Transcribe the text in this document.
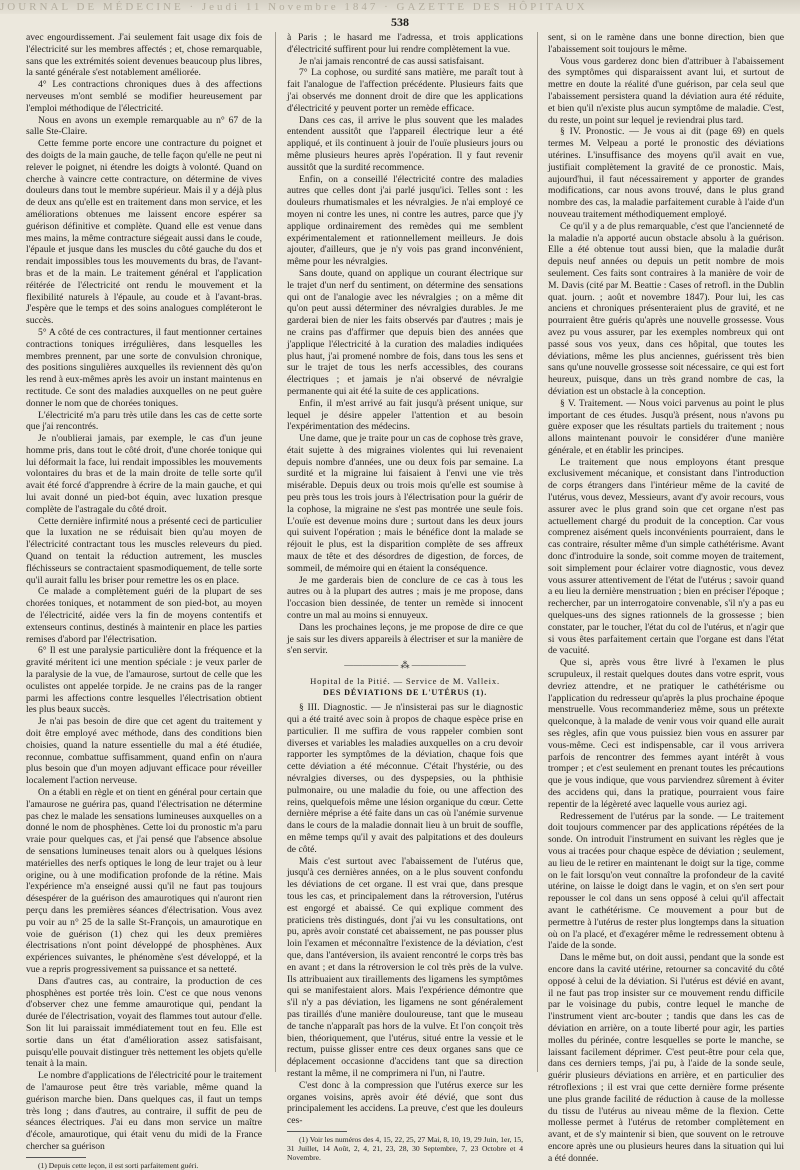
JOURNAL DE MÉDECINE · Jeudi 11 Novembre 1847 · GAZETTE DES HÔPITAUX
538

avec engourdissement. J'ai seulement fait usage dix fois de l'électricité sur les membres affectés ; et, chose remarquable, sans que les extrémités soient devenues beaucoup plus libres, la santé générale s'est notablement améliorée.

4° Les contractions chroniques dues à des affections nerveuses m'ont semblé se modifier heureusement par l'emploi méthodique de l'électricité.

Nous en avons un exemple remarquable au n° 67 de la salle Ste-Claire.

Cette femme porte encore une contracture du poignet et des doigts de la main gauche, de telle façon qu'elle ne peut ni relever le poignet, ni étendre les doigts à volonté. Quand on cherche à vaincre cette contracture, on détermine de vives douleurs dans tout le membre supérieur. Mais il y a déjà plus de deux ans qu'elle est en traitement dans mon service, et les améliorations obtenues me laissent encore espérer sa guérison définitive et complète. Quand elle est venue dans mes mains, la même contracture siégeait aussi dans le coude, l'épaule et jusque dans les muscles du côté gauche du dos et rendait impossibles tous les mouvements du bras, de l'avant-bras et de la main. Le traitement général et l'application réitérée de l'électricité ont rendu le mouvement et la flexibilité naturels à l'épaule, au coude et à l'avant-bras. J'espère que le temps et des soins analogues compléteront le succès.

5° A côté de ces contractures, il faut mentionner certaines contractions toniques irrégulières, dans lesquelles les membres prennent, par une sorte de convulsion chronique, des positions singulières auxquelles ils reviennent dès qu'on les rend à eux-mêmes après les avoir un instant maintenus en rectitude. Ce sont des maladies auxquelles on ne peut guère donner le nom que de chorées toniques.

L'électricité m'a paru très utile dans les cas de cette sorte que j'ai rencontrés.

Je n'oublierai jamais, par exemple, le cas d'un jeune homme pris, dans tout le côté droit, d'une chorée tonique qui lui déformait la face, lui rendait impossibles les mouvements volontaires du bras et de la main droite de telle sorte qu'il avait été forcé d'apprendre à écrire de la main gauche, et qui lui avait donné un pied-bot équin, avec luxation presque complète de l'astragale du côté droit.

Cette dernière infirmité nous a présenté ceci de particulier que la luxation ne se réduisait bien qu'au moyen de l'électricité contractant tous les muscles releveurs du pied. Quand on tentait la réduction autrement, les muscles fléchisseurs se contractaient spasmodiquement, de telle sorte qu'il aurait fallu les briser pour remettre les os en place.

Ce malade a complètement guéri de la plupart de ses chorées toniques, et notamment de son pied-bot, au moyen de l'électricité, aidée vers la fin de moyens contentifs et extenseurs continus, destinés à maintenir en place les parties remises d'abord par l'électrisation.

6° Il est une paralysie particulière dont la fréquence et la gravité méritent ici une mention spéciale : je veux parler de la paralysie de la vue, de l'amaurose, surtout de celle que les oculistes ont appelée torpide. Je ne crains pas de la ranger parmi les affections contre lesquelles l'électrisation obtient les plus beaux succès.

Je n'ai pas besoin de dire que cet agent du traitement y doit être employé avec méthode, dans des conditions bien choisies, quand la nature essentielle du mal a été étudiée, reconnue, combattue suffisamment, quand enfin on n'aura plus besoin que d'un moyen adjuvant efficace pour réveiller localement l'action nerveuse.

On a établi en règle et on tient en général pour certain que l'amaurose ne guérira pas, quand l'électrisation ne détermine pas chez le malade les sensations lumineuses auxquelles on a donné le nom de phosphènes. Cette loi du pronostic m'a paru vraie pour quelques cas, et j'ai pensé que l'absence absolue de sensations lumineuses tenait alors ou à quelques lésions matérielles des nerfs optiques le long de leur trajet ou à leur origine, ou à une modification profonde de la rétine. Mais l'expérience m'a enseigné aussi qu'il ne faut pas toujours désespérer de la guérison des amaurotiques qui n'auront rien perçu dans les premières séances d'électrisation. Vous avez pu voir au n° 25 de la salle St-François, un amaurotique en voie de guérison (1) chez qui les deux premières électrisations n'ont point développé de phosphènes. Aux expériences suivantes, le phénomène s'est développé, et la vue a repris progressivement sa puissance et sa netteté.

Dans d'autres cas, au contraire, la production de ces phosphènes est portée très loin. C'est ce que nous venons d'observer chez une femme amaurotique qui, pendant la durée de l'électrisation, voyait des flammes tout autour d'elle. Son lit lui paraissait immédiatement tout en feu. Elle est sortie dans un état d'amélioration assez satisfaisant, puisqu'elle pouvait distinguer très nettement les objets qu'elle tenait à la main.

Le nombre d'applications de l'électricité pour le traitement de l'amaurose peut être très variable, même quand la guérison marche bien. Dans quelques cas, il faut un temps très long ; dans d'autres, au contraire, il suffit de peu de séances électriques. J'ai eu dans mon service un maître d'école, amaurotique, qui était venu du midi de la France chercher sa guérison

(1) Depuis cette leçon, il est sorti parfaitement guéri.

à Paris ; le hasard me l'adressa, et trois applications d'électricité suffirent pour lui rendre complètement la vue.

Je n'ai jamais rencontré de cas aussi satisfaisant.

7° La cophose, ou surdité sans matière, me paraît tout à fait l'analogue de l'affection précédente. Plusieurs faits que j'ai observés me donnent droit de dire que les applications d'électricité y peuvent porter un remède efficace.

Dans ces cas, il arrive le plus souvent que les malades entendent aussitôt que l'appareil électrique leur a été appliqué, et ils continuent à jouir de l'ouïe plusieurs jours ou même plusieurs heures après l'opération. Il y faut revenir aussitôt que la surdité recommence.

Enfin, on a conseillé l'électricité contre des maladies autres que celles dont j'ai parlé jusqu'ici. Telles sont : les douleurs rhumatismales et les névralgies. Je n'ai employé ce moyen ni contre les unes, ni contre les autres, parce que j'y applique ordinairement des remèdes qui me semblent expérimentalement et rationnellement meilleurs. Je dois ajouter, d'ailleurs, que je n'y vois pas grand inconvénient, même pour les névralgies.

Sans doute, quand on applique un courant électrique sur le trajet d'un nerf du sentiment, on détermine des sensations qui ont de l'analogie avec les névralgies ; on a même dit qu'on peut aussi déterminer des névralgies durables. Je me garderai bien de nier les faits observés par d'autres ; mais je ne crains pas d'affirmer que depuis bien des années que j'applique l'électricité à la curation des maladies indiquées plus haut, j'ai promené nombre de fois, dans tous les sens et sur le trajet de tous les nerfs accessibles, des courans électriques ; et jamais je n'ai observé de névralgie permanente qui ait été la suite de ces applications.

Enfin, il m'est arrivé au fait jusqu'à présent unique, sur lequel je désire appeler l'attention et au besoin l'expérimentation des médecins.

Une dame, que je traite pour un cas de cophose très grave, était sujette à des migraines violentes qui lui revenaient depuis nombre d'années, une ou deux fois par semaine. La surdité et la migraine lui faisaient à l'envi une vie très misérable. Depuis deux ou trois mois qu'elle est soumise à peu près tous les trois jours à l'électrisation pour la guérir de la cophose, la migraine ne s'est pas montrée une seule fois. L'ouïe est devenue moins dure ; surtout dans les deux jours qui suivent l'opération ; mais le bénéfice dont la malade se réjouit le plus, est la disparition complète de ses affreux maux de tête et des désordres de digestion, de forces, de sommeil, de mémoire qui en étaient la conséquence.

Je me garderais bien de conclure de ce cas à tous les autres ou à la plupart des autres ; mais je me propose, dans l'occasion bien dessinée, de tenter un remède si innocent contre un mal au moins si ennuyeux.

Dans les prochaines leçons, je me propose de dire ce que je sais sur les divers appareils à électriser et sur la manière de s'en servir.

—————— ⁂ ——————
Hopital de la Pitié. — Service de M. Valleix.
DES DÉVIATIONS DE L'UTÉRUS (1).

§ III. Diagnostic. — Je n'insisterai pas sur le diagnostic qui a été traité avec soin à propos de chaque espèce prise en particulier. Il me suffira de vous rappeler combien sont diverses et variables les maladies auxquelles on a cru devoir rapporter les symptômes de la déviation, chaque fois que cette déviation a été méconnue. C'était l'hystérie, ou des névralgies diverses, ou des dyspepsies, ou la phthisie pulmonaire, ou une maladie du foie, ou une affection des reins, quelquefois même une lésion organique du cœur. Cette dernière méprise a été faite dans un cas où l'anémie survenue dans le cours de la maladie donnait lieu à un bruit de souffle, en même temps qu'il y avait des palpitations et des douleurs de côté.

Mais c'est surtout avec l'abaissement de l'utérus que, jusqu'à ces dernières années, on a le plus souvent confondu les déviations de cet organe. Il est vrai que, dans presque tous les cas, et principalement dans la rétroversion, l'utérus est engorgé et abaissé. Ce qui explique comment des praticiens très distingués, dont j'ai vu les consultations, ont pu, après avoir constaté cet abaissement, ne pas pousser plus loin l'examen et méconnaître l'existence de la déviation, c'est que, dans l'antéversion, ils avaient rencontré le corps très bas en avant ; et dans la rétroversion le col très près de la vulve. Ils attribuaient aux tiraillements des ligamens les symptômes qui se manifestaient alors. Mais l'expérience démontre que s'il n'y a pas déviation, les ligamens ne sont généralement pas tiraillés d'une manière douloureuse, tant que le museau de tanche n'apparaît pas hors de la vulve. Et l'on conçoit très bien, théoriquement, que l'utérus, situé entre la vessie et le rectum, puisse glisser entre ces deux organes sans que ce déplacement occasionne d'accidens tant que sa direction restant la même, il ne comprimera ni l'un, ni l'autre.

C'est donc à la compression que l'utérus exerce sur les organes voisins, après avoir été dévié, que sont dus principalement les accidens. La preuve, c'est que les douleurs ces-

(1) Voir les numéros des 4, 15, 22, 25, 27 Mai, 8, 10, 19, 29 Juin, 1er, 15, 31 Juillet, 14 Août, 2, 4, 21, 23, 28, 30 Septembre, 7, 23 Octobre et 4 Novembre.

sent, si on le ramène dans une bonne direction, bien que l'abaissement soit toujours le même.

Vous vous garderez donc bien d'attribuer à l'abaissement des symptômes qui disparaissent avant lui, et surtout de mettre en doute la réalité d'une guérison, par cela seul que l'abaissement persistera quand la déviation aura été réduite, et bien qu'il n'existe plus aucun symptôme de maladie. C'est, du reste, un point sur lequel je reviendrai plus tard.

§ IV. Pronostic. — Je vous ai dit (page 69) en quels termes M. Velpeau a porté le pronostic des déviations utérines. L'insuffisance des moyens qu'il avait en vue, justifiait complètement la gravité de ce pronostic. Mais, aujourd'hui, il faut nécessairement y apporter de grandes modifications, car nous avons trouvé, dans le plus grand nombre des cas, la maladie parfaitement curable à l'aide d'un nouveau traitement méthodiquement employé.

Ce qu'il y a de plus remarquable, c'est que l'ancienneté de la maladie n'a apporté aucun obstacle absolu à la guérison. Elle a été obtenue tout aussi bien, que la maladie durât depuis neuf années ou depuis un petit nombre de mois seulement. Ces faits sont contraires à la manière de voir de M. Davis (cité par M. Beattie : Cases of retrofl. in the Dublin quat. journ. ; août et novembre 1847). Pour lui, les cas anciens et chroniques présenteraient plus de gravité, et ne pourraient être guéris qu'après une nouvelle grossesse. Vous avez pu vous assurer, par les exemples nombreux qui ont passé sous vos yeux, dans ces hôpital, que toutes les déviations, même les plus anciennes, guérissent très bien sans qu'une nouvelle grossesse soit nécessaire, ce qui est fort heureux, puisque, dans un très grand nombre de cas, la déviation est un obstacle à la conception.

§ V. Traitement. — Nous voici parvenus au point le plus important de ces études. Jusqu'à présent, nous n'avons pu guère exposer que les résultats partiels du traitement ; nous allons maintenant pouvoir le considérer d'une manière générale, et en établir les principes.

Le traitement que nous employons étant presque exclusivement mécanique, et consistant dans l'introduction de corps étrangers dans l'intérieur même de la cavité de l'utérus, vous devez, Messieurs, avant d'y avoir recours, vous assurer avec le plus grand soin que cet organe n'est pas actuellement chargé du produit de la conception. Car vous comprenez aisément quels inconvénients pourraient, dans le cas contraire, résulter même d'un simple cathétérisme. Avant donc d'introduire la sonde, soit comme moyen de traitement, soit simplement pour éclairer votre diagnostic, vous devez vous assurer attentivement de l'état de l'utérus ; savoir quand a eu lieu la dernière menstruation ; bien en préciser l'époque ; rechercher, par un interrogatoire convenable, s'il n'y a pas eu quelques-uns des signes rationnels de la grossesse ; bien constater, par le toucher, l'état du col de l'utérus, et n'agir que si vous êtes parfaitement certain que l'organe est dans l'état de vacuité.

Que si, après vous être livré à l'examen le plus scrupuleux, il restait quelques doutes dans votre esprit, vous devriez attendre, et ne pratiquer le cathétérisme ou l'application du redresseur qu'après la plus prochaine époque menstruelle. Vous recommanderiez même, sous un prétexte quelconque, à la malade de venir vous voir quand elle aurait ses règles, afin que vous puissiez bien vous en assurer par vous-même. Ceci est indispensable, car il vous arrivera parfois de rencontrer des femmes ayant intérêt à vous tromper ; et c'est seulement en prenant toutes les précautions que je vous indique, que vous parviendrez sûrement à éviter des accidens qui, dans la pratique, pourraient vous faire repentir de la légèreté avec laquelle vous auriez agi.

Redressement de l'utérus par la sonde. — Le traitement doit toujours commencer par des applications répétées de la sonde. On introduit l'instrument en suivant les règles que je vous ai tracées pour chaque espèce de déviation ; seulement, au lieu de le retirer en maintenant le doigt sur la tige, comme on le fait lorsqu'on veut connaître la profondeur de la cavité utérine, on laisse le doigt dans le vagin, et on s'en sert pour repousser le col dans un sens opposé à celui qu'il affectait avant le cathétérisme. Ce mouvement a pour but de permettre à l'utérus de rester plus longtemps dans la situation où on l'a placé, et d'exagérer même le redressement obtenu à l'aide de la sonde.

Dans le même but, on doit aussi, pendant que la sonde est encore dans la cavité utérine, retourner sa concavité du côté opposé à celui de la déviation. Si l'utérus est dévié en avant, il ne faut pas trop insister sur ce mouvement rendu difficile par le voisinage du pubis, contre lequel le manche de l'instrument vient arc-bouter ; tandis que dans les cas de déviation en arrière, on a toute liberté pour agir, les parties molles du périnée, contre lesquelles se porte le manche, se laissant facilement déprimer. C'est peut-être pour cela que, dans ces derniers temps, j'ai pu, à l'aide de la sonde seule, guérir plusieurs déviations en arrière, et en particulier des rétroflexions ; il est vrai que cette dernière forme présente une plus grande facilité de réduction à cause de la mollesse du tissu de l'utérus au niveau même de la flexion. Cette mollesse permet à l'utérus de retomber complètement en avant, et de s'y maintenir si bien, que souvent on le retrouve encore après une ou plusieurs heures dans la situation qui lui a été donnée.
